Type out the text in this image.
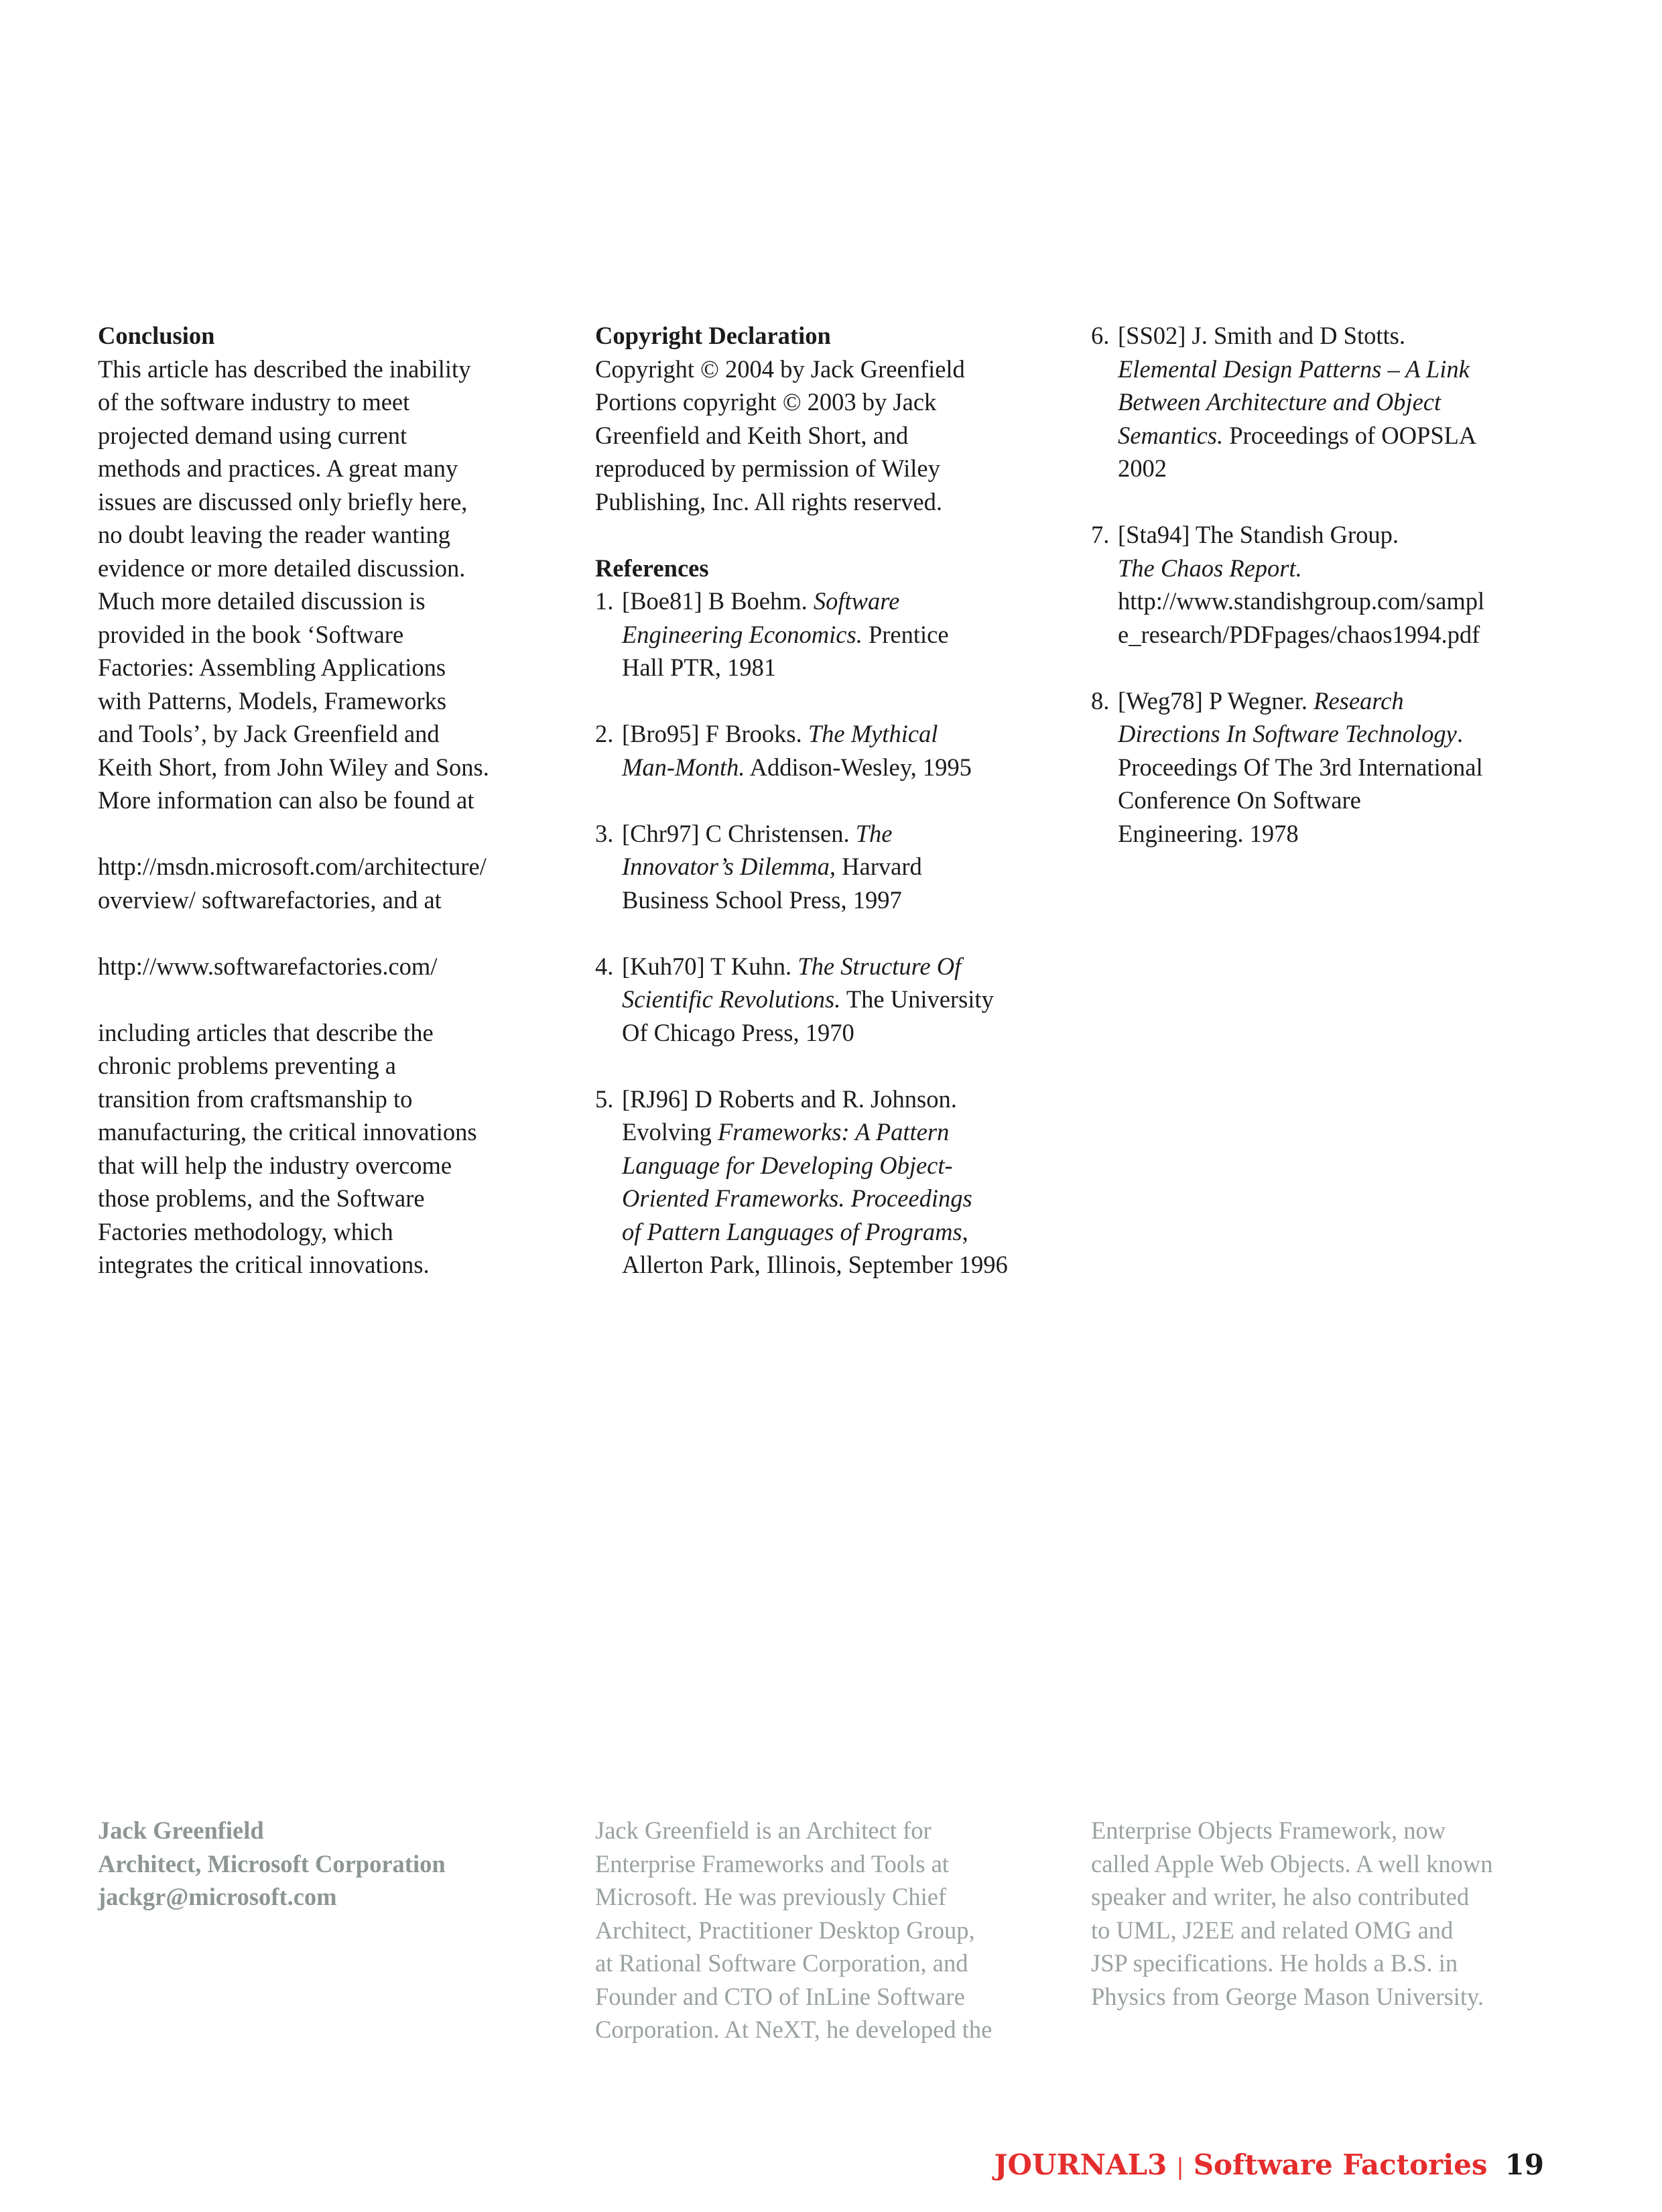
Conclusion

This article has described the inability
of the software industry to meet
projected demand using current
methods and practices. A great many
issues are discussed only briefly here,
no doubt leaving the reader wanting
evidence or more detailed discussion.
Much more detailed discussion is
provided in the book ‘Software
Factories: Assembling Applications
with Patterns, Models, Frameworks
and Tools’, by Jack Greenfield and
Keith Short, from John Wiley and Sons.
More information can also be found at

http://msdn.microsoft.com/architecture/
overview/ softwarefactories, and at

http://www.softwarefactories.com/

including articles that describe the
chronic problems preventing a
transition from craftsmanship to
manufacturing, the critical innovations
that will help the industry overcome
those problems, and the Software
Factories methodology, which
integrates the critical innovations.

Copyright Declaration

Copyright © 2004 by Jack Greenfield
Portions copyright © 2003 by Jack
Greenfield and Keith Short, and
reproduced by permission of Wiley
Publishing, Inc. All rights reserved.

References
1. [Boe81] B Boehm. Software
Engineering Economics. Prentice
Hall PTR, 1981
2. [Bro95] F Brooks. The Mythical
Man-Month. Addison-Wesley, 1995
3. [Chr97] C Christensen. The
Innovator’s Dilemma, Harvard
Business School Press, 1997
4. [Kuh70] T Kuhn. The Structure Of
Scientific Revolutions. The University
Of Chicago Press, 1970
5. [RJ96] D Roberts and R. Johnson.
Evolving Frameworks: A Pattern
Language for Developing Object-
Oriented Frameworks. Proceedings
of Pattern Languages of Programs,
Allerton Park, Illinois, September 1996
6. [SS02] J. Smith and D Stotts.
Elemental Design Patterns – A Link
Between Architecture and Object
Semantics. Proceedings of OOPSLA
2002
7. [Sta94] The Standish Group.
The Chaos Report.
http://www.standishgroup.com/sampl
e_research/PDFpages/chaos1994.pdf
8. [Weg78] P Wegner. Research
Directions In Software Technology.
Proceedings Of The 3rd International
Conference On Software
Engineering. 1978
Jack Greenfield
Architect, Microsoft Corporation
jackgr@microsoft.com
Jack Greenfield is an Architect for
Enterprise Frameworks and Tools at
Microsoft. He was previously Chief
Architect, Practitioner Desktop Group,
at Rational Software Corporation, and
Founder and CTO of InLine Software
Corporation. At NeXT, he developed the
Enterprise Objects Framework, now
called Apple Web Objects. A well known
speaker and writer, he also contributed
to UML, J2EE and related OMG and
JSP specifications. He holds a B.S. in
Physics from George Mason University.
JOURNAL3 | Software Factories 19
